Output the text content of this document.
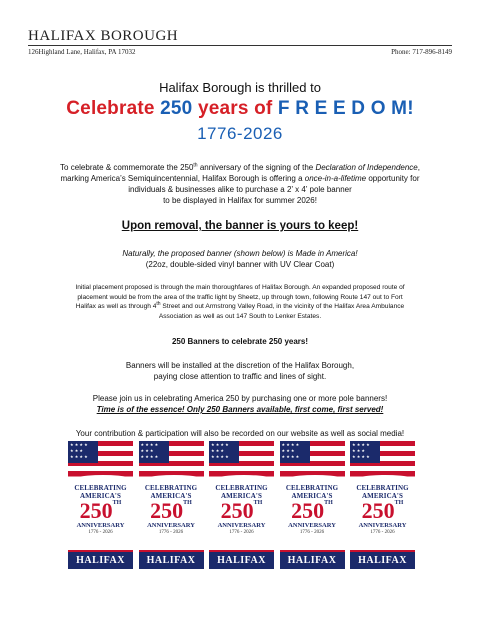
HALIFAX BOROUGH
126Highland Lane, Halifax, PA 17032	Phone: 717-896-8149
Halifax Borough is thrilled to
Celebrate 250 years of F R E E D O M!
1776-2026
To celebrate & commemorate the 250th anniversary of the signing of the Declaration of Independence,
marking America’s Semiquincentennial, Halifax Borough is offering a once-in-a-lifetime opportunity for
individuals & businesses alike to purchase a 2’ x 4’ pole banner
to be displayed in Halifax for summer 2026!
Upon removal, the banner is yours to keep!
Naturally, the proposed banner (shown below) is Made in America!
(22oz, double-sided vinyl banner with UV Clear Coat)
Initial placement proposed is through the main thoroughfares of Halifax Borough. An expanded proposed route of
placement would be from the area of the traffic light by Sheetz, up through town, following Route 147 out to Fort
Halifax as well as through 4th Street and out Armstrong Valley Road, in the vicinity of the Halifax Area Ambulance
Association as well as out 147 South to Lenker Estates.
250 Banners to celebrate 250 years!
Banners will be installed at the discretion of the Halifax Borough,
paying close attention to traffic and lines of sight.
Please join us in celebrating America 250 by purchasing one or more pole banners!
Time is of the essence! Only 250 Banners available, first come, first served!
Your contribution & participation will also be recorded on our website as well as social media!
★ ★ ★ ★ ★ ★ ★ ★ ★ ★ ★
CELEBRATING
AMERICA'S
250TH
ANNIVERSARY
1776 - 2026
HALIFAX
★ ★ ★ ★ ★ ★ ★ ★ ★ ★ ★
CELEBRATING
AMERICA'S
250TH
ANNIVERSARY
1776 - 2026
HALIFAX
★ ★ ★ ★ ★ ★ ★ ★ ★ ★ ★
CELEBRATING
AMERICA'S
250TH
ANNIVERSARY
1776 - 2026
HALIFAX
★ ★ ★ ★ ★ ★ ★ ★ ★ ★ ★
CELEBRATING
AMERICA'S
250TH
ANNIVERSARY
1776 - 2026
HALIFAX
★ ★ ★ ★ ★ ★ ★ ★ ★ ★ ★
CELEBRATING
AMERICA'S
250TH
ANNIVERSARY
1776 - 2026
HALIFAX
